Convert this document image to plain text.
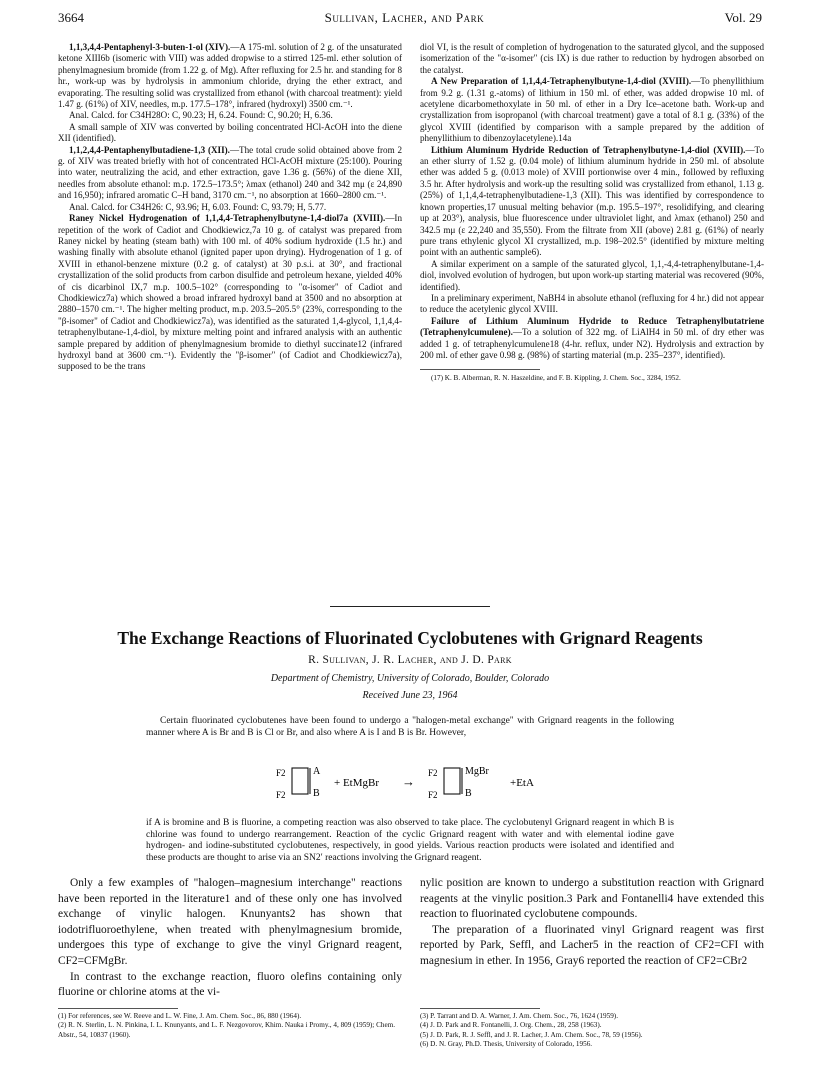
3664	Sullivan, Lacher, and Park	Vol. 29

1,1,3,4,4-Pentaphenyl-3-buten-1-ol (XIV).—A 175-ml. solution of 2 g. of the unsaturated ketone XIII6b (isomeric with VIII) was added dropwise to a stirred 125-ml. ether solution of phenylmagnesium bromide (from 1.22 g. of Mg). After refluxing for 2.5 hr. and standing for 8 hr., work-up was by hydrolysis in ammonium chloride, drying the ether extract, and evaporating. The resulting solid was crystallized from ethanol (with charcoal treatment): yield 1.47 g. (61%) of XIV, needles, m.p. 177.5–178°, infrared (hydroxyl) 3500 cm.⁻¹.

Anal. Calcd. for C34H28O: C, 90.23; H, 6.24. Found: C, 90.20; H, 6.36.

A small sample of XIV was converted by boiling concentrated HCl-AcOH into the diene XII (identified).

1,1,2,4,4-Pentaphenylbutadiene-1,3 (XII).—The total crude solid obtained above from 2 g. of XIV was treated briefly with hot of concentrated HCl-AcOH mixture (25:100). Pouring into water, neutralizing the acid, and ether extraction, gave 1.36 g. (56%) of the diene XII, needles from absolute ethanol: m.p. 172.5–173.5°; λmax (ethanol) 240 and 342 mμ (ε 24,890 and 16,950); infrared aromatic C–H band, 3170 cm.⁻¹, no absorption at 1660–2800 cm.⁻¹.

Anal. Calcd. for C34H26: C, 93.96; H, 6.03. Found: C, 93.79; H, 5.77.

Raney Nickel Hydrogenation of 1,1,4,4-Tetraphenylbutyne-1,4-diol7a (XVIII).—In repetition of the work of Cadiot and Chodkiewicz,7a 10 g. of catalyst was prepared from Raney nickel by heating (steam bath) with 100 ml. of 40% sodium hydroxide (1.5 hr.) and washing finally with absolute ethanol (ignited paper upon drying). Hydrogenation of 1 g. of XVIII in ethanol-benzene mixture (0.2 g. of catalyst) at 30 p.s.i. at 30°, and fractional crystallization of the solid products from carbon disulfide and petroleum hexane, yielded 40% of cis dicarbinol IX,7 m.p. 100.5–102° (corresponding to "α-isomer" of Cadiot and Chodkiewicz7a) which showed a broad infrared hydroxyl band at 3500 and no absorption at 2880–1570 cm.⁻¹. The higher melting product, m.p. 203.5–205.5° (23%, corresponding to the "β-isomer" of Cadiot and Chodkiewicz7a), was identified as the saturated 1,4-glycol, 1,1,4,4-tetraphenylbutane-1,4-diol, by mixture melting point and infrared analysis with an authentic sample prepared by addition of phenylmagnesium bromide to diethyl succinate12 (infrared hydroxyl band at 3600 cm.⁻¹). Evidently the "β-isomer" (of Cadiot and Chodkiewicz7a), supposed to be the trans

diol VI, is the result of completion of hydrogenation to the saturated glycol, and the supposed isomerization of the "α-isomer" (cis IX) is due rather to reduction by hydrogen absorbed on the catalyst.

A New Preparation of 1,1,4,4-Tetraphenylbutyne-1,4-diol (XVIII).—To phenyllithium from 9.2 g. (1.31 g.-atoms) of lithium in 150 ml. of ether, was added dropwise 10 ml. of acetylene dicarbomethoxylate in 50 ml. of ether in a Dry Ice–acetone bath. Work-up and crystallization from isopropanol (with charcoal treatment) gave a total of 8.1 g. (33%) of the glycol XVIII (identified by comparison with a sample prepared by the addition of phenyllithium to dibenzoylacetylene).14a

Lithium Aluminum Hydride Reduction of Tetraphenylbutyne-1,4-diol (XVIII).—To an ether slurry of 1.52 g. (0.04 mole) of lithium aluminum hydride in 250 ml. of absolute ether was added 5 g. (0.013 mole) of XVIII portionwise over 4 min., followed by refluxing 3.5 hr. After hydrolysis and work-up the resulting solid was crystallized from ethanol, 1.13 g. (25%) of 1,1,4,4-tetraphenylbutadiene-1,3 (XII). This was identified by correspondence to known properties,17 unusual melting behavior (m.p. 195.5–197°, resolidifying, and clearing up at 203°), analysis, blue fluorescence under ultraviolet light, and λmax (ethanol) 250 and 342.5 mμ (ε 22,240 and 35,550). From the filtrate from XII (above) 2.81 g. (61%) of nearly pure trans ethylenic glycol XI crystallized, m.p. 198–202.5° (identified by mixture melting point with an authentic sample6).

A similar experiment on a sample of the saturated glycol, 1,1,-4,4-tetraphenylbutane-1,4-diol, involved evolution of hydrogen, but upon work-up starting material was recovered (90%, identified).

In a preliminary experiment, NaBH4 in absolute ethanol (refluxing for 4 hr.) did not appear to reduce the acetylenic glycol XVIII.

Failure of Lithium Aluminum Hydride to Reduce Tetraphenylbutatriene (Tetraphenylcumulene).—To a solution of 322 mg. of LiAlH4 in 50 ml. of dry ether was added 1 g. of tetraphenylcumulene18 (4-hr. reflux, under N2). Hydrolysis and extraction by 200 ml. of ether gave 0.98 g. (98%) of starting material (m.p. 235–237°, identified).

(17) K. B. Alberman, R. N. Haszeldine, and F. B. Kippling, J. Chem. Soc., 3284, 1952.

The Exchange Reactions of Fluorinated Cyclobutenes with Grignard Reagents
R. Sullivan, J. R. Lacher, and J. D. Park
Department of Chemistry, University of Colorado, Boulder, Colorado
Received June 23, 1964

Certain fluorinated cyclobutenes have been found to undergo a "halogen-metal exchange" with Grignard reagents in the following manner where A is Br and B is Cl or Br, and also where A is I and B is Br. However,

F2
F2
A
B
+ EtMgBr →
F2
F2
MgBr
B
+EtA

if A is bromine and B is fluorine, a competing reaction was also observed to take place. The cyclobutenyl Grignard reagent in which B is chlorine was found to undergo rearrangement. Reaction of the cyclic Grignard reagent with water and with elemental iodine gave hydrogen- and iodine-substituted cyclobutenes, respectively, in good yields. Various reaction products were isolated and identified and these products are thought to arise via an SN2′ reactions involving the Grignard reagent.

Only a few examples of "halogen–magnesium interchange" reactions have been reported in the literature1 and of these only one has involved exchange of vinylic halogen. Knunyants2 has shown that iodotrifluoroethylene, when treated with phenylmagnesium bromide, undergoes this type of exchange to give the vinyl Grignard reagent, CF2=CFMgBr.

In contrast to the exchange reaction, fluoro olefins containing only fluorine or chlorine atoms at the vi-

nylic position are known to undergo a substitution reaction with Grignard reagents at the vinylic position.3 Park and Fontanelli4 have extended this reaction to fluorinated cyclobutene compounds.

The preparation of a fluorinated vinyl Grignard reagent was first reported by Park, Seffl, and Lacher5 in the reaction of CF2=CFI with magnesium in ether. In 1956, Gray6 reported the reaction of CF2=CBr2

(1) For references, see W. Reeve and L. W. Fine, J. Am. Chem. Soc., 86, 880 (1964).

(2) R. N. Sterlin, L. N. Pinkina, I. L. Knunyants, and L. F. Nezgovorov, Khim. Nauka i Promy., 4, 809 (1959); Chem. Abstr., 54, 10837 (1960).

(3) P. Tarrant and D. A. Warner, J. Am. Chem. Soc., 76, 1624 (1959).

(4) J. D. Park and R. Fontanelli, J. Org. Chem., 28, 258 (1963).

(5) J. D. Park, R. J. Seffl, and J. R. Lacher, J. Am. Chem. Soc., 78, 59 (1956).

(6) D. N. Gray, Ph.D. Thesis, University of Colorado, 1956.
